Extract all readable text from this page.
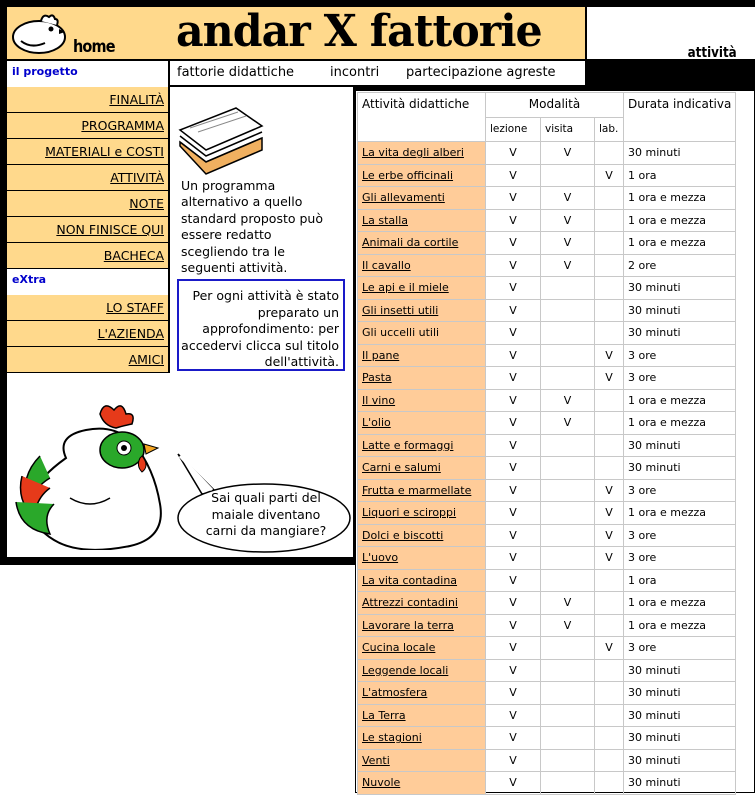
home andar X fattorie	attività
fattorie didattiche	incontri partecipazione agreste
il progetto
FINALITÀ
PROGRAMMA
MATERIALI e COSTI
ATTIVITÀ
NOTE
NON FINISCE QUI
BACHECA
eXtra
LO STAFF
L'AZIENDA
AMICI
Un programma alternativo a quello standard proposto può essere redatto scegliendo tra le seguenti attività.
Per ogni attività è stato preparato un approfondimento: per accedervi clicca sul titolo dell'attività.
Sai quali parti del maiale diventano carni da mangiare?
Attività didattiche	Modalità			Durata indicativa
	lezione	visita	lab.	
La vita degli alberi	V	V		30 minuti
Le erbe officinali	V		V	1 ora
Gli allevamenti	V	V		1 ora e mezza
La stalla	V	V		1 ora e mezza
Animali da cortile	V	V		1 ora e mezza
Il cavallo	V	V		2 ore
Le api e il miele	V			30 minuti
Gli insetti utili	V			30 minuti
Gli uccelli utili	V			30 minuti
Il pane	V		V	3 ore
Pasta	V		V	3 ore
Il vino	V	V		1 ora e mezza
L'olio	V	V		1 ora e mezza
Latte e formaggi	V			30 minuti
Carni e salumi	V			30 minuti
Frutta e marmellate	V		V	3 ore
Liquori e sciroppi	V		V	1 ora e mezza
Dolci e biscotti	V		V	3 ore
L'uovo	V		V	3 ore
La vita contadina	V			1 ora
Attrezzi contadini	V	V		1 ora e mezza
Lavorare la terra	V	V		1 ora e mezza
Cucina locale	V		V	3 ore
Leggende locali	V			30 minuti
L'atmosfera	V			30 minuti
La Terra	V			30 minuti
Le stagioni	V			30 minuti
Venti	V			30 minuti
Nuvole	V			30 minuti
